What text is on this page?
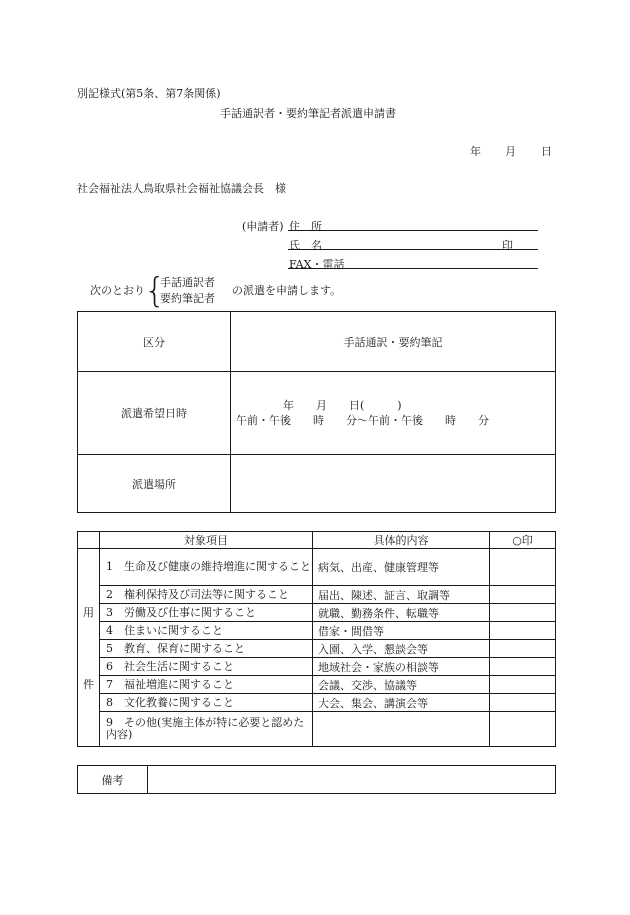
別記様式(第5条、第7条関係)
手話通訳者・要約筆記者派遣申請書
年 月 日
社会福祉法人鳥取県社会福祉協議会長　様
(申請者) 住　所
氏　名	印
FAX・電話
次のとおり {
手話通訳者
要約筆記者
の派遣を申請します。
区分	手話通訳・要約筆記
派遣希望日時	年　　月　　日(　　　)
午前・午後　　時　　分〜午前・午後　　時　　分

派遣場所	
	対象項目	具体的内容	○印

用
件	1　生命及び健康の維持増進に関すること	病気、出産、健康管理等	
	2　権利保持及び司法等に関すること	届出、陳述、証言、取調等	
	3　労働及び仕事に関すること	就職、勤務条件、転職等	
	4　住まいに関すること	借家・間借等	
	5　教育、保育に関すること	入園、入学、懇談会等	
	6　社会生活に関すること	地域社会・家族の相談等	
	7　福祉増進に関すること	会議、交渉、協議等	
	8　文化教養に関すること	大会、集会、講演会等	
	9　その他(実施主体が特に必要と認めた内容)		
備考	
